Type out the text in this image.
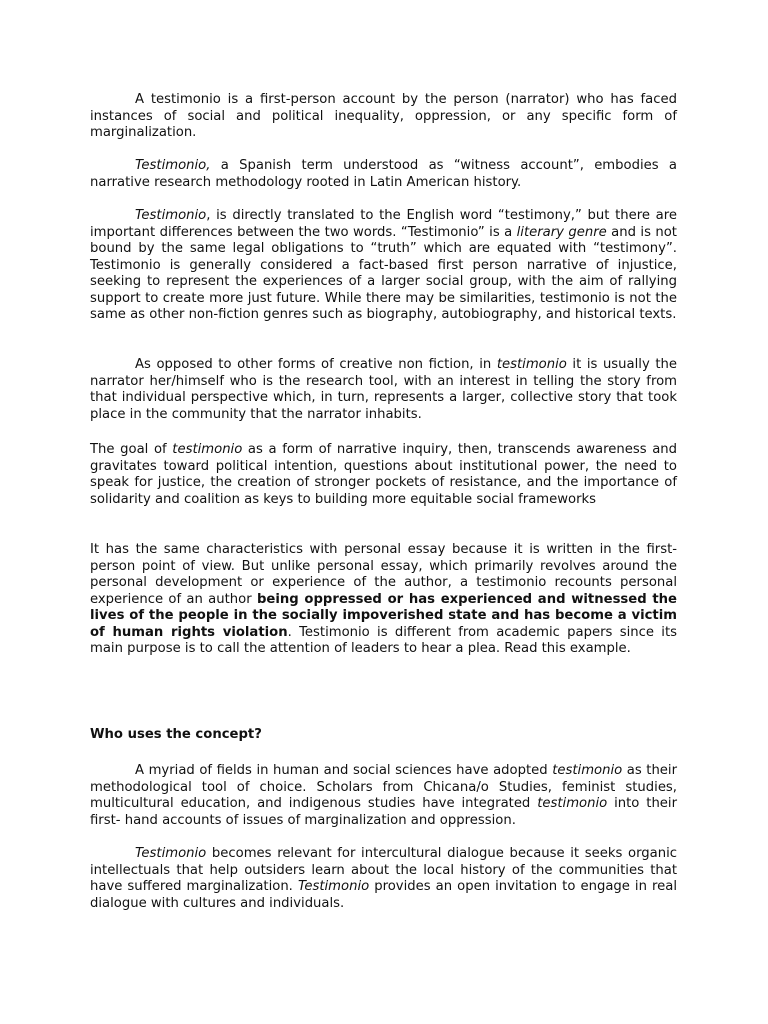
A testimonio is a first-person account by the person (narrator) who has faced instances of social and political inequality, oppression, or any specific form of marginalization.

Testimonio, a Spanish term understood as “witness account”, embodies a narrative research methodology rooted in Latin American history.

Testimonio, is directly translated to the English word “testimony,” but there are important differences between the two words. “Testimonio” is a literary genre and is not bound by the same legal obligations to “truth” which are equated with “testimony”. Testimonio is generally considered a fact-based first person narrative of injustice, seeking to represent the experiences of a larger social group, with the aim of rallying support to create more just future. While there may be similarities, testimonio is not the same as other non-fiction genres such as biography, autobiography, and historical texts.

As opposed to other forms of creative non fiction, in testimonio it is usually the narrator her/himself who is the research tool, with an interest in telling the story from that individual perspective which, in turn, represents a larger, collective story that took place in the community that the narrator inhabits.

The goal of testimonio as a form of narrative inquiry, then, transcends awareness and gravitates toward political intention, questions about institutional power, the need to speak for justice, the creation of stronger pockets of resistance, and the importance of solidarity and coalition as keys to building more equitable social frameworks

It has the same characteristics with personal essay because it is written in the first-person point of view. But unlike personal essay, which primarily revolves around the personal development or experience of the author, a testimonio recounts personal experience of an author being oppressed or has experienced and witnessed the lives of the people in the socially impoverished state and has become a victim of human rights violation. Testimonio is different from academic papers since its main purpose is to call the attention of leaders to hear a plea. Read this example.

Who uses the concept?

A myriad of fields in human and social sciences have adopted testimonio as their methodological tool of choice. Scholars from Chicana/o Studies, feminist studies, multicultural education, and indigenous studies have integrated testimonio into their first- hand accounts of issues of marginalization and oppression.

Testimonio becomes relevant for intercultural dialogue because it seeks organic intellectuals that help outsiders learn about the local history of the communities that have suffered marginalization. Testimonio provides an open invitation to engage in real dialogue with cultures and individuals.
